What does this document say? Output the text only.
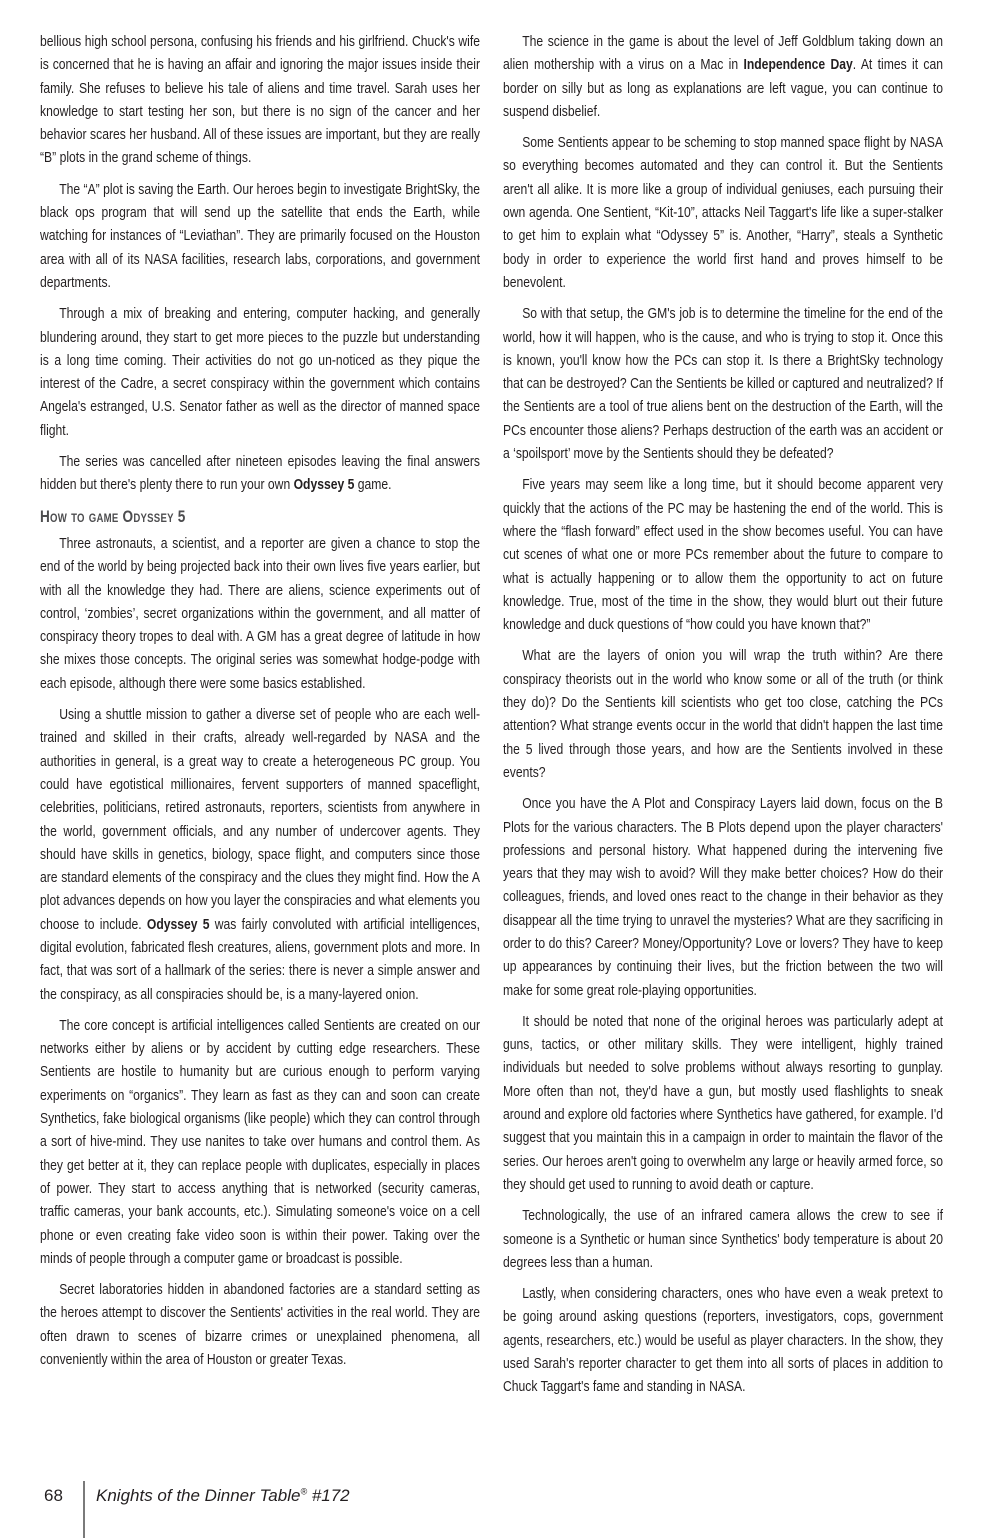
bellious high school persona, confusing his friends and his girlfriend. Chuck's wife is concerned that he is having an affair and ignoring the major issues inside their family. She refuses to believe his tale of aliens and time travel. Sarah uses her knowledge to start testing her son, but there is no sign of the cancer and her behavior scares her husband. All of these issues are important, but they are really “B” plots in the grand scheme of things.

The “A” plot is saving the Earth. Our heroes begin to investigate BrightSky, the black ops program that will send up the satellite that ends the Earth, while watching for instances of “Leviathan”. They are primarily focused on the Houston area with all of its NASA facilities, research labs, corporations, and government departments.

Through a mix of breaking and entering, computer hacking, and generally blundering around, they start to get more pieces to the puzzle but understanding is a long time coming. Their activities do not go un-noticed as they pique the interest of the Cadre, a secret conspiracy within the government which contains Angela's estranged, U.S. Senator father as well as the director of manned space flight.

The series was cancelled after nineteen episodes leaving the final answers hidden but there's plenty there to run your own Odyssey 5 game.

How to game Odyssey 5

Three astronauts, a scientist, and a reporter are given a chance to stop the end of the world by being projected back into their own lives five years earlier, but with all the knowledge they had. There are aliens, science experiments out of control, ‘zombies’, secret organizations within the government, and all matter of conspiracy theory tropes to deal with. A GM has a great degree of latitude in how she mixes those concepts. The original series was somewhat hodge-podge with each episode, although there were some basics established.

Using a shuttle mission to gather a diverse set of people who are each well-trained and skilled in their crafts, already well-regarded by NASA and the authorities in general, is a great way to create a heterogeneous PC group. You could have egotistical millionaires, fervent supporters of manned spaceflight, celebrities, politicians, retired astronauts, reporters, scientists from anywhere in the world, government officials, and any number of undercover agents. They should have skills in genetics, biology, space flight, and computers since those are standard elements of the conspiracy and the clues they might find. How the A plot advances depends on how you layer the conspiracies and what elements you choose to include. Odyssey 5 was fairly convoluted with artificial intelligences, digital evolution, fabricated flesh creatures, aliens, government plots and more. In fact, that was sort of a hallmark of the series: there is never a simple answer and the conspiracy, as all conspiracies should be, is a many-layered onion.

The core concept is artificial intelligences called Sentients are created on our networks either by aliens or by accident by cutting edge researchers. These Sentients are hostile to humanity but are curious enough to perform varying experiments on “organics”. They learn as fast as they can and soon can create Synthetics, fake biological organisms (like people) which they can control through a sort of hive-mind. They use nanites to take over humans and control them. As they get better at it, they can replace people with duplicates, especially in places of power. They start to access anything that is networked (security cameras, traffic cameras, your bank accounts, etc.). Simulating someone's voice on a cell phone or even creating fake video soon is within their power. Taking over the minds of people through a computer game or broadcast is possible.

Secret laboratories hidden in abandoned factories are a standard setting as the heroes attempt to discover the Sentients' activities in the real world. They are often drawn to scenes of bizarre crimes or unexplained phenomena, all conveniently within the area of Houston or greater Texas.

The science in the game is about the level of Jeff Goldblum taking down an alien mothership with a virus on a Mac in Independence Day. At times it can border on silly but as long as explanations are left vague, you can continue to suspend disbelief.

Some Sentients appear to be scheming to stop manned space flight by NASA so everything becomes automated and they can control it. But the Sentients aren't all alike. It is more like a group of individual geniuses, each pursuing their own agenda. One Sentient, “Kit-10”, attacks Neil Taggart's life like a super-stalker to get him to explain what “Odyssey 5” is. Another, “Harry”, steals a Synthetic body in order to experience the world first hand and proves himself to be benevolent.

So with that setup, the GM's job is to determine the timeline for the end of the world, how it will happen, who is the cause, and who is trying to stop it. Once this is known, you'll know how the PCs can stop it. Is there a BrightSky technology that can be destroyed? Can the Sentients be killed or captured and neutralized? If the Sentients are a tool of true aliens bent on the destruction of the Earth, will the PCs encounter those aliens? Perhaps destruction of the earth was an accident or a ‘spoilsport’ move by the Sentients should they be defeated?

Five years may seem like a long time, but it should become apparent very quickly that the actions of the PC may be hastening the end of the world. This is where the “flash forward” effect used in the show becomes useful. You can have cut scenes of what one or more PCs remember about the future to compare to what is actually happening or to allow them the opportunity to act on future knowledge. True, most of the time in the show, they would blurt out their future knowledge and duck questions of “how could you have known that?”

What are the layers of onion you will wrap the truth within? Are there conspiracy theorists out in the world who know some or all of the truth (or think they do)? Do the Sentients kill scientists who get too close, catching the PCs attention? What strange events occur in the world that didn't happen the last time the 5 lived through those years, and how are the Sentients involved in these events?

Once you have the A Plot and Conspiracy Layers laid down, focus on the B Plots for the various characters. The B Plots depend upon the player characters' professions and personal history. What happened during the intervening five years that they may wish to avoid? Will they make better choices? How do their colleagues, friends, and loved ones react to the change in their behavior as they disappear all the time trying to unravel the mysteries? What are they sacrificing in order to do this? Career? Money/Opportunity? Love or lovers? They have to keep up appearances by continuing their lives, but the friction between the two will make for some great role-playing opportunities.

It should be noted that none of the original heroes was particularly adept at guns, tactics, or other military skills. They were intelligent, highly trained individuals but needed to solve problems without always resorting to gunplay. More often than not, they'd have a gun, but mostly used flashlights to sneak around and explore old factories where Synthetics have gathered, for example. I'd suggest that you maintain this in a campaign in order to maintain the flavor of the series. Our heroes aren't going to overwhelm any large or heavily armed force, so they should get used to running to avoid death or capture.

Technologically, the use of an infrared camera allows the crew to see if someone is a Synthetic or human since Synthetics' body temperature is about 20 degrees less than a human.

Lastly, when considering characters, ones who have even a weak pretext to be going around asking questions (reporters, investigators, cops, government agents, researchers, etc.) would be useful as player characters. In the show, they used Sarah's reporter character to get them into all sorts of places in addition to Chuck Taggart's fame and standing in NASA.

68 Knights of the Dinner Table® #172
